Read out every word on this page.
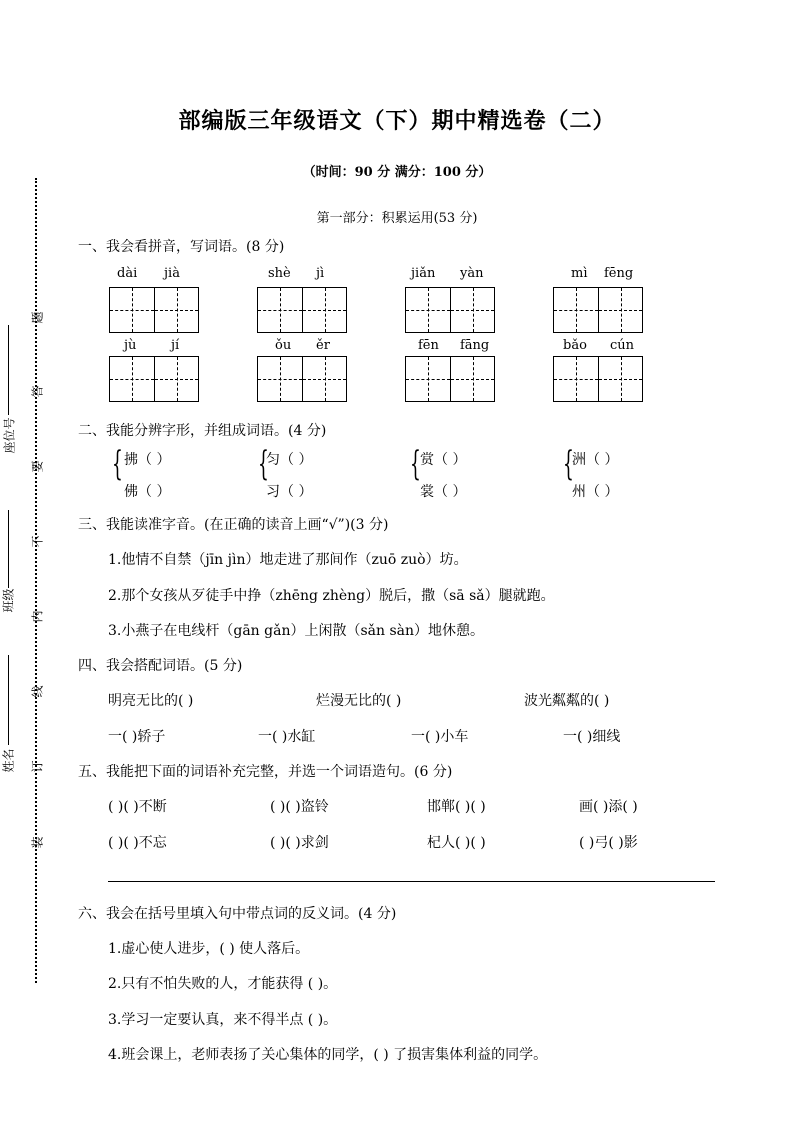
座位号
班级
姓名
题
答
要
不
内
线
订
装
部编版三年级语文（下）期中精选卷（二）
（时间：90 分 满分：100 分）
第一部分：积累运用(53 分)
一、我会看拼音，写词语。(8 分)
dài jià	shè jì	jiǎn yàn	mì fēng
jù	jí	ǒu ěr	fēn fāng	bǎo cún
二、我能分辨字形，并组成词语。(4 分)
{ 拂（ ）
佛（ ）
{
匀（ ）
习（ ）
{ 赏（ ）
裳（ ）
{
洲（ ）
州（ ）
三、我能读准字音。(在正确的读音上画“√”)(3 分)
1.他情不自禁（jīn jìn）地走进了那间作（zuō zuò）坊。
2.那个女孩从歹徒手中挣（zhēng zhèng）脱后，撒（sā sǎ）腿就跑。
3.小燕子在电线杆（gān gǎn）上闲散（sǎn sàn）地休憩。
四、我会搭配词语。(5 分)
明亮无比的( )	烂漫无比的( )	波光粼粼的( )
一( )轿子	一( )水缸	一( )小车	一( )细线
五、我能把下面的词语补充完整，并选一个词语造句。(6 分)
( )( )不断	( )( )盗铃	邯郸( )( )	画( )添( )
( )( )不忘	( )( )求剑	杞人( )( )	( )弓( )影
六、我会在括号里填入句中带点词的反义词。(4 分)
1.虚心使人进步，( ) 使人落后。
2.只有不怕失败的人，才能获得 ( )。
3.学习一定要认真，来不得半点 ( )。
4.班会课上，老师表扬了关心集体的同学，( ) 了损害集体利益的同学。
